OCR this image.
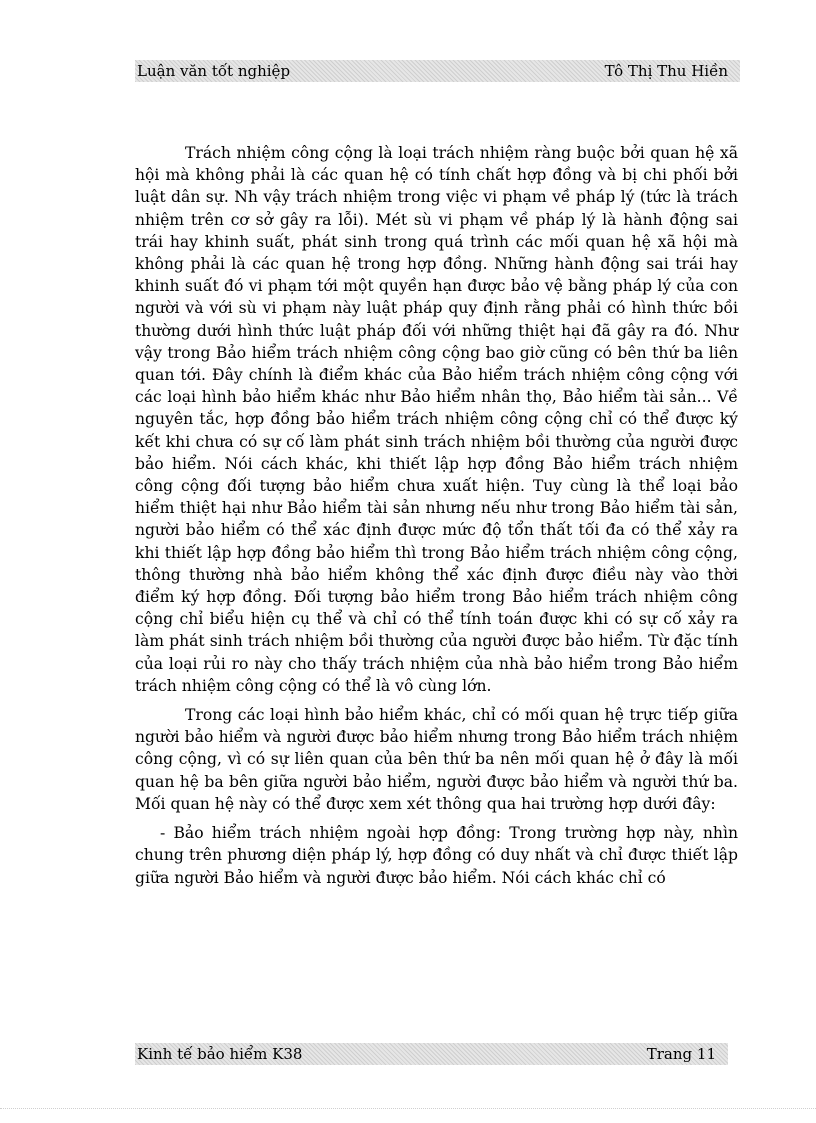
Luận văn tốt nghiệp	Tô Thị Thu Hiền

Trách nhiệm công cộng là loại trách nhiệm ràng buộc bởi quan hệ xã hội mà không phải là các quan hệ có tính chất hợp đồng và bị chi phối bởi luật dân sự. Nh vậy trách nhiệm trong việc vi phạm về pháp lý (tức là trách nhiệm trên cơ sở gây ra lỗi). Mét sù vi phạm về pháp lý là hành động sai trái hay khinh suất, phát sinh trong quá trình các mối quan hệ xã hội mà không phải là các quan hệ trong hợp đồng. Những hành động sai trái hay khinh suất đó vi phạm tới một quyền hạn được bảo vệ bằng pháp lý của con người và với sù vi phạm này luật pháp quy định rằng phải có hình thức bồi thường dưới hình thức luật pháp đối với những thiệt hại đã gây ra đó. Như vậy trong Bảo hiểm trách nhiệm công cộng bao giờ cũng có bên thứ ba liên quan tới. Đây chính là điểm khác của Bảo hiểm trách nhiệm công cộng với các loại hình bảo hiểm khác như Bảo hiểm nhân thọ, Bảo hiểm tài sản... Về nguyên tắc, hợp đồng bảo hiểm trách nhiệm công cộng chỉ có thể được ký kết khi chưa có sự cố làm phát sinh trách nhiệm bồi thường của người được bảo hiểm. Nói cách khác, khi thiết lập hợp đồng Bảo hiểm trách nhiệm công cộng đối tượng bảo hiểm chưa xuất hiện. Tuy cùng là thể loại bảo hiểm thiệt hại như Bảo hiểm tài sản nhưng nếu như trong Bảo hiểm tài sản, người bảo hiểm có thể xác định được mức độ tổn thất tối đa có thể xảy ra khi thiết lập hợp đồng bảo hiểm thì trong Bảo hiểm trách nhiệm công cộng, thông thường nhà bảo hiểm không thể xác định được điều này vào thời điểm ký hợp đồng. Đối tượng bảo hiểm trong Bảo hiểm trách nhiệm công cộng chỉ biểu hiện cụ thể và chỉ có thể tính toán được khi có sự cố xảy ra làm phát sinh trách nhiệm bồi thường của người được bảo hiểm. Từ đặc tính của loại rủi ro này cho thấy trách nhiệm của nhà bảo hiểm trong Bảo hiểm trách nhiệm công cộng có thể là vô cùng lớn.

Trong các loại hình bảo hiểm khác, chỉ có mối quan hệ trực tiếp giữa người bảo hiểm và người được bảo hiểm nhưng trong Bảo hiểm trách nhiệm công cộng, vì có sự liên quan của bên thứ ba nên mối quan hệ ở đây là mối quan hệ ba bên giữa người bảo hiểm, người được bảo hiểm và người thứ ba. Mối quan hệ này có thể được xem xét thông qua hai trường hợp dưới đây:

- Bảo hiểm trách nhiệm ngoài hợp đồng: Trong trường hợp này, nhìn chung trên phương diện pháp lý, hợp đồng có duy nhất và chỉ được thiết lập giữa người Bảo hiểm và người được bảo hiểm. Nói cách khác chỉ có

Kinh tế bảo hiểm K38	Trang 11
